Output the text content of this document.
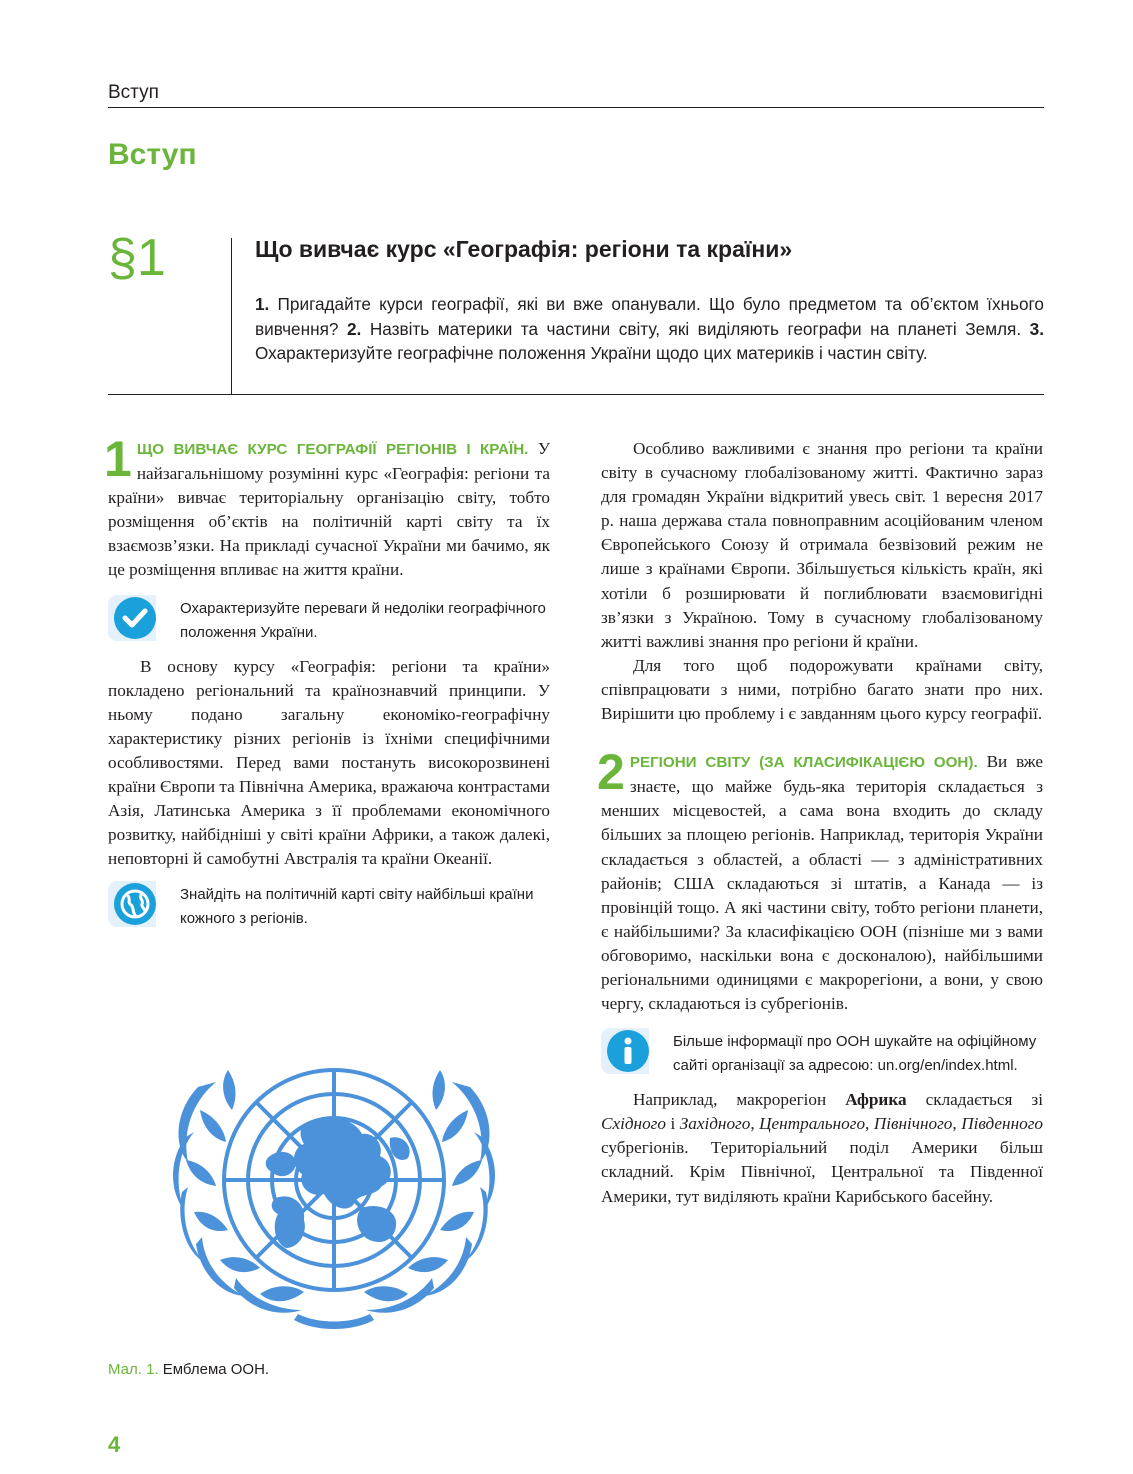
Вступ
Вступ
§1	Що вивчає курс «Географія: регіони та країни»
1. Пригадайте курси географії, які ви вже опанували. Що було предметом та об’єктом їхнього вивчення? 2. Назвіть материки та частини світу, які виділяють географи на планеті Земля. 3. Охарактеризуйте географічне положення України щодо цих материків і частин світу.

1 ЩО ВИВЧАЄ КУРС ГЕОГРАФІЇ РЕГІОНІВ І КРАЇН. У найзагальнішому розумінні курс «Географія: регіони та країни» вивчає територіальну організацію світу, тобто розміщення об’єктів на політичній карті світу та їх взаємозв’язки. На прикладі сучасної України ми бачимо, як це розміщення впливає на життя країни.

Охарактеризуйте переваги й недоліки географічного положення України.

В основу курсу «Географія: регіони та країни» покладено регіональний та країнознавчий принципи. У ньому подано загальну економіко-географічну характеристику різних регіонів із їхніми специфічними особливостями. Перед вами постануть високорозвинені країни Європи та Північна Америка, вражаюча контрастами Азія, Латинська Америка з її проблемами економічного розвитку, найбідніші у світі країни Африки, а також далекі, неповторні й самобутні Австралія та країни Океанії.

Знайдіть на політичній карті світу найбільші країни кожного з регіонів.
Мал. 1. Емблема ООН.
4

Особливо важливими є знання про регіони та країни світу в сучасному глобалізованому житті. Фактично зараз для громадян України відкритий увесь світ. 1 вересня 2017 р. наша держава стала повноправним асоційованим членом Європейського Союзу й отримала безвізовий режим не лише з країнами Європи. Збільшується кількість країн, які хотіли б розширювати й поглиблювати взаємовигідні зв’язки з Україною. Тому в сучасному глобалізованому житті важливі знання про регіони й країни.

Для того щоб подорожувати країнами світу, співпрацювати з ними, потрібно багато знати про них. Вирішити цю проблему і є завданням цього курсу географії.

2 РЕГІОНИ СВІТУ (ЗА КЛАСИФІКАЦІЄЮ ООН). Ви вже знаєте, що майже будь-яка територія складається з менших місцевостей, а сама вона входить до складу більших за площею регіонів. Наприклад, територія України складається з областей, а області — з адміністративних районів; США складаються зі штатів, а Канада — із провінцій тощо. А які частини світу, тобто регіони планети, є найбільшими? За класифікацією ООН (пізніше ми з вами обговоримо, наскільки вона є досконалою), найбільшими регіональними одиницями є макрорегіони, а вони, у свою чергу, складаються із субрегіонів.

Більше інформації про ООН шукайте на офіційному сайті організації за адресою: un.org/en/index.html.

Наприклад, макрорегіон Африка складається зі Східного і Західного, Центрального, Північного, Південного субрегіонів. Територіальний поділ Америки більш складний. Крім Північної, Центральної та Південної Америки, тут виділяють країни Карибського басейну.
